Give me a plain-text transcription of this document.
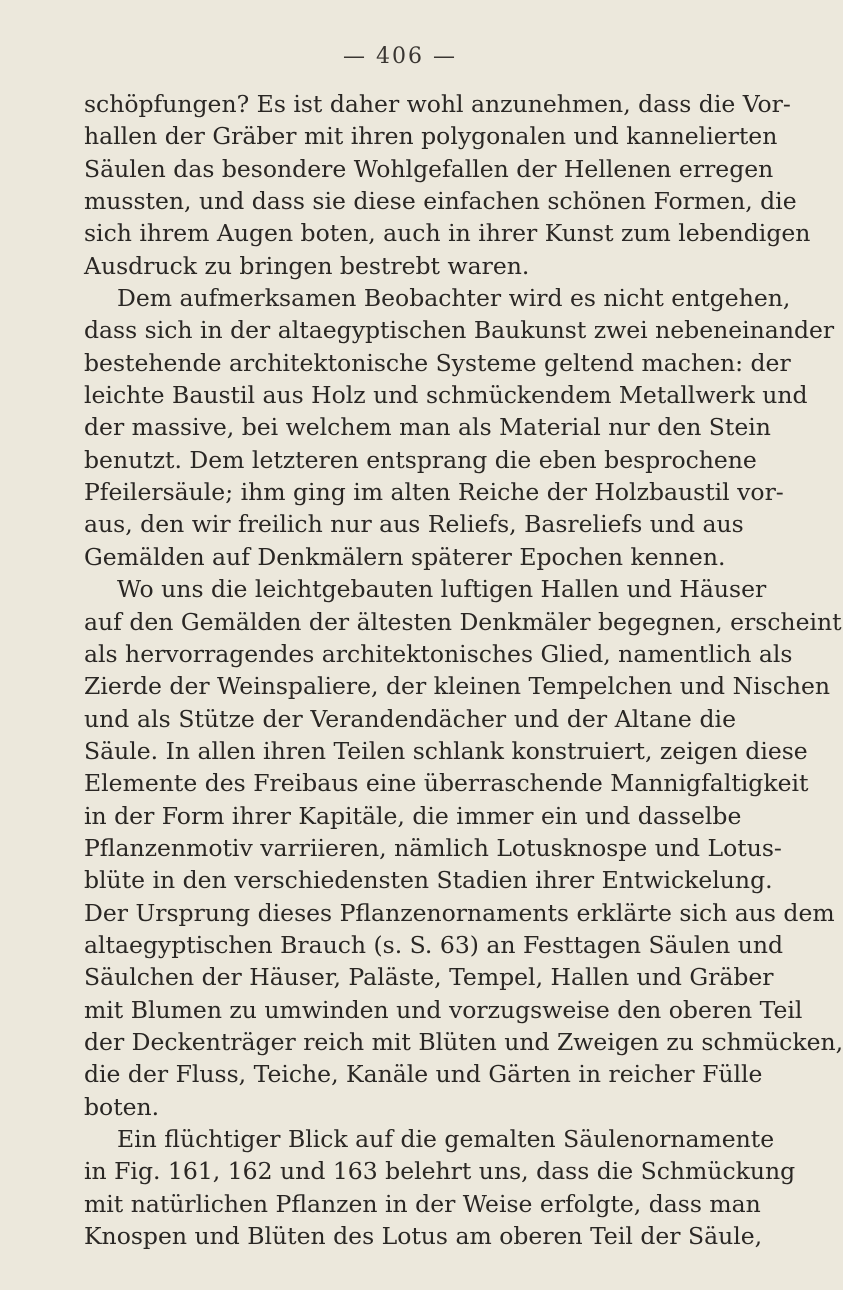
— 406 —
schöpfungen? Es ist daher wohl anzunehmen, dass die Vor-
hallen der Gräber mit ihren polygonalen und kannelierten
Säulen das besondere Wohlgefallen der Hellenen erregen
mussten, und dass sie diese einfachen schönen Formen, die
sich ihrem Augen boten, auch in ihrer Kunst zum lebendigen
Ausdruck zu bringen bestrebt waren.
Dem aufmerksamen Beobachter wird es nicht entgehen,
dass sich in der altaegyptischen Baukunst zwei nebeneinander
bestehende architektonische Systeme geltend machen: der
leichte Baustil aus Holz und schmückendem Metallwerk und
der massive, bei welchem man als Material nur den Stein
benutzt. Dem letzteren entsprang die eben besprochene
Pfeilersäule; ihm ging im alten Reiche der Holzbaustil vor-
aus, den wir freilich nur aus Reliefs, Basreliefs und aus
Gemälden auf Denkmälern späterer Epochen kennen.
Wo uns die leichtgebauten luftigen Hallen und Häuser
auf den Gemälden der ältesten Denkmäler begegnen, erscheint
als hervorragendes architektonisches Glied, namentlich als
Zierde der Weinspaliere, der kleinen Tempelchen und Nischen
und als Stütze der Verandendächer und der Altane die
Säule. In allen ihren Teilen schlank konstruiert, zeigen diese
Elemente des Freibaus eine überraschende Mannigfaltigkeit
in der Form ihrer Kapitäle, die immer ein und dasselbe
Pflanzenmotiv varriieren, nämlich Lotusknospe und Lotus-
blüte in den verschiedensten Stadien ihrer Entwickelung.
Der Ursprung dieses Pflanzenornaments erklärte sich aus dem
altaegyptischen Brauch (s. S. 63) an Festtagen Säulen und
Säulchen der Häuser, Paläste, Tempel, Hallen und Gräber
mit Blumen zu umwinden und vorzugsweise den oberen Teil
der Deckenträger reich mit Blüten und Zweigen zu schmücken,
die der Fluss, Teiche, Kanäle und Gärten in reicher Fülle
boten.
Ein flüchtiger Blick auf die gemalten Säulenornamente
in Fig. 161, 162 und 163 belehrt uns, dass die Schmückung
mit natürlichen Pflanzen in der Weise erfolgte, dass man
Knospen und Blüten des Lotus am oberen Teil der Säule,
